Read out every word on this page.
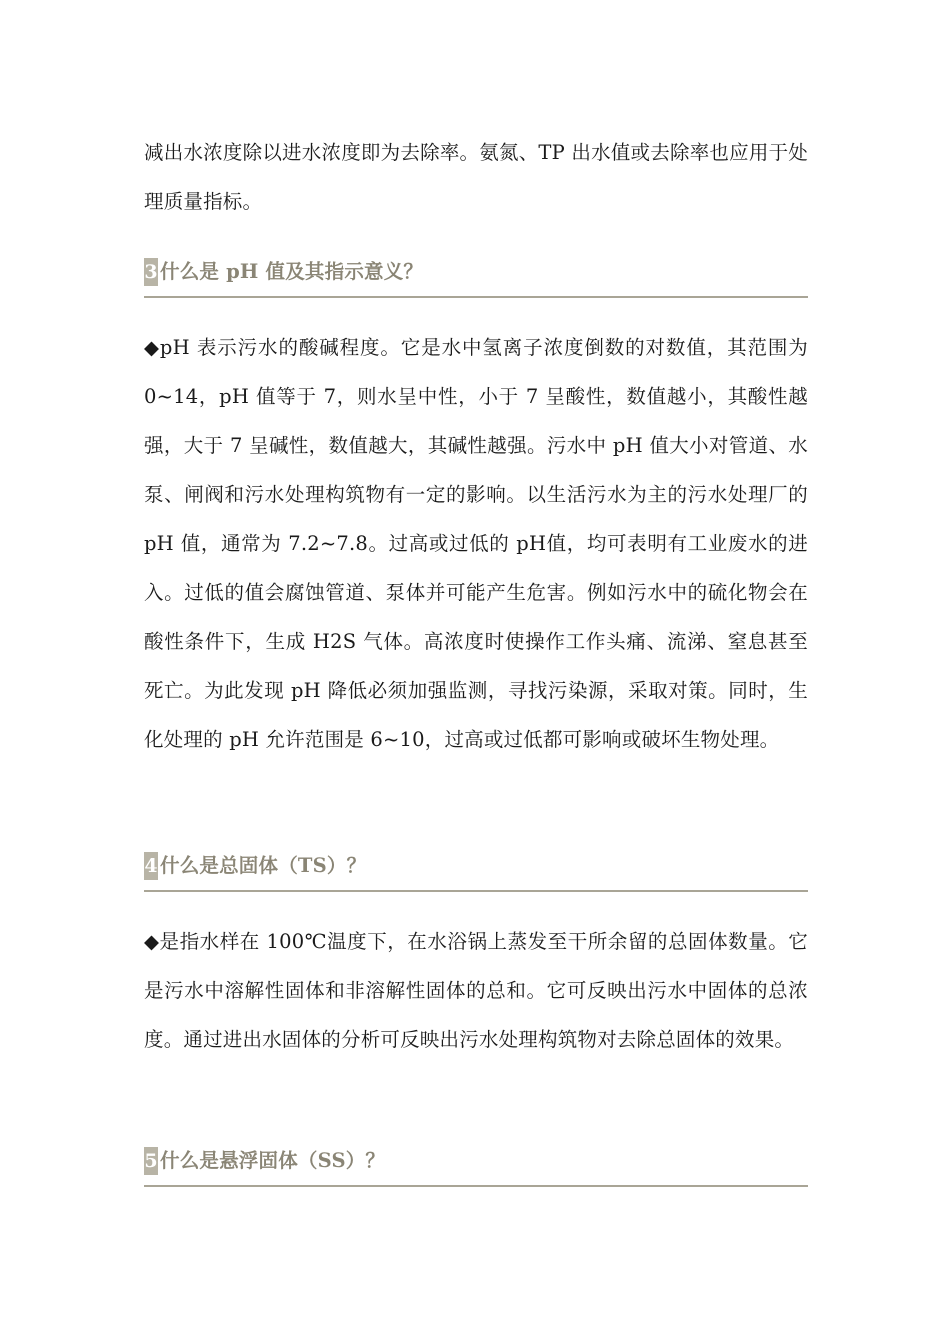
减出水浓度除以进水浓度即为去除率。氨氮、TP 出水值或去除率也应用于处理质量指标。

3 什么是 pH 值及其指示意义？

◆pH 表示污水的酸碱程度。它是水中氢离子浓度倒数的对数值，其范围为 0~14，pH 值等于 7，则水呈中性，小于 7 呈酸性，数值越小，其酸性越强，大于 7 呈碱性，数值越大，其碱性越强。污水中 pH 值大小对管道、水泵、闸阀和污水处理构筑物有一定的影响。以生活污水为主的污水处理厂的 pH 值，通常为 7.2~7.8。过高或过低的 pH值，均可表明有工业废水的进入。过低的值会腐蚀管道、泵体并可能产生危害。例如污水中的硫化物会在酸性条件下，生成 H2S 气体。高浓度时使操作工作头痛、流涕、窒息甚至死亡。为此发现 pH 降低必须加强监测，寻找污染源，采取对策。同时，生化处理的 pH 允许范围是 6~10，过高或过低都可影响或破坏生物处理。

4 什么是总固体（TS）？

◆是指水样在 100℃温度下，在水浴锅上蒸发至干所余留的总固体数量。它是污水中溶解性固体和非溶解性固体的总和。它可反映出污水中固体的总浓度。通过进出水固体的分析可反映出污水处理构筑物对去除总固体的效果。

5 什么是悬浮固体（SS）？
